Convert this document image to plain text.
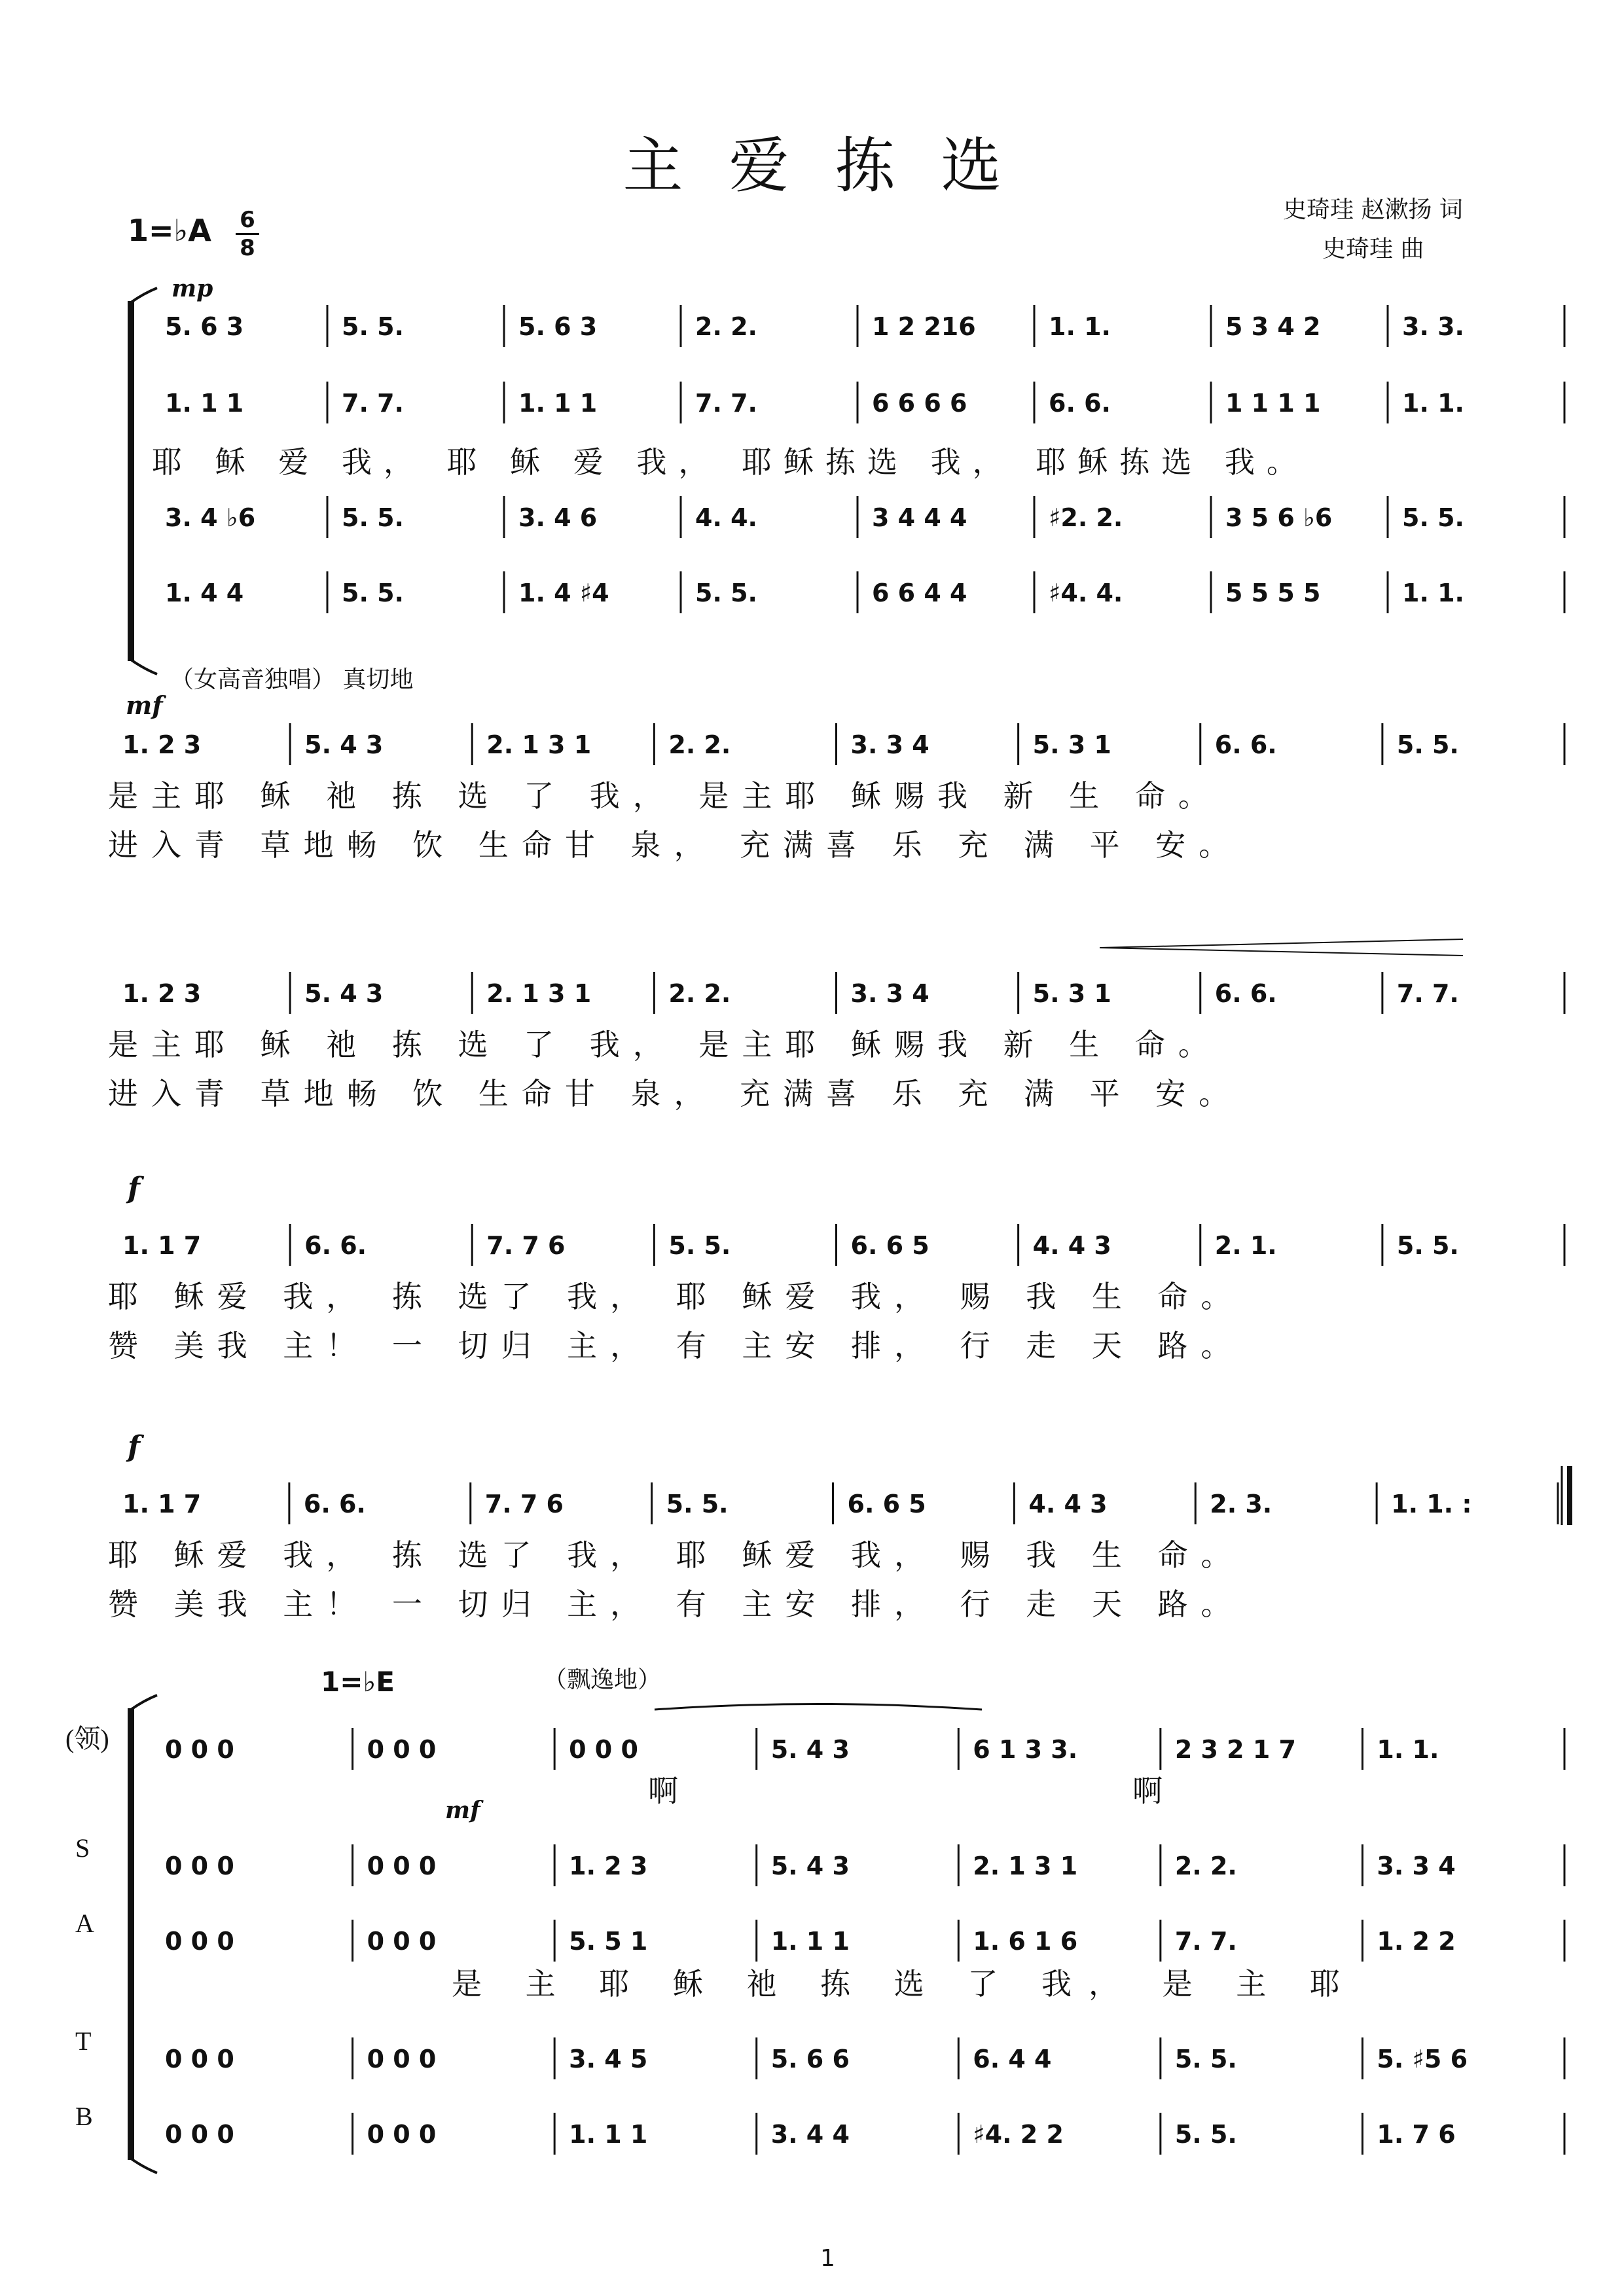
主爱拣选
史琦珪 赵漱扬 词
史琦珪 曲
1=♭A 6
8
mp
5. 6 3	5. 5.	5. 6 3	2. 2.	1 2 216	1. 1.	5 3 4 2	3. 3.
1. 1 1	7. 7.	1. 1 1	7. 7.	6 6 6 6	6. 6.	1 1 1 1	1. 1.
3. 4 ♭6	5. 5.	3. 4 6	4. 4.	3 4 4 4	♯2. 2.	3 5 6 ♭6	5. 5.
1. 4 4	5. 5.	1. 4 ♯4	5. 5.	6 6 4 4	♯4. 4.	5 5 5 5	1. 1.
1. 2 3	5. 4 3	2. 1 3 1	2. 2.	3. 3 4	5. 3 1	6. 6.	5. 5.
1. 2 3	5. 4 3	2. 1 3 1	2. 2.	3. 3 4	5. 3 1	6. 6.	7. 7.
1. 1 7	6. 6.	7. 7 6	5. 5.	6. 6 5	4. 4 3	2. 1.	5. 5.
1. 1 7	6. 6.	7. 7 6	5. 5.	6. 6 5	4. 4 3	2. 3.	1. 1. :
0 0 0	0 0 0	0 0 0	5. 4 3	6 1 3 3.	2 3 2 1 7	1. 1.
0 0 0	0 0 0	1. 2 3	5. 4 3	2. 1 3 1	2. 2.	3. 3 4
0 0 0	0 0 0	5. 5 1	1. 1 1	1. 6 1 6	7. 7.	1. 2 2
0 0 0	0 0 0	3. 4 5	5. 6 6	6. 4 4	5. 5.	5. ♯5 6
0 0 0	0 0 0	1. 1 1	3. 4 4	♯4. 2 2	5. 5.	1. 7 6
耶 稣 爱 我， 耶 稣 爱 我， 耶稣拣选 我， 耶稣拣选 我。
（女高音独唱） 真切地
mf
是主耶 稣 祂 拣 选 了 我， 是主耶 稣赐我 新 生 命。
进入青 草地畅 饮 生命甘 泉， 充满喜 乐 充 满 平 安。
是主耶 稣 祂 拣 选 了 我， 是主耶 稣赐我 新 生 命。
进入青 草地畅 饮 生命甘 泉， 充满喜 乐 充 满 平 安。
f
耶 稣爱 我， 拣 选了 我， 耶 稣爱 我， 赐 我 生 命。
赞 美我 主！ 一 切归 主， 有 主安 排， 行 走 天 路。
f
耶 稣爱 我， 拣 选了 我， 耶 稣爱 我， 赐 我 生 命。
赞 美我 主！ 一 切归 主， 有 主安 排， 行 走 天 路。
1=♭E	（飘逸地）
(领)
S
A
T
B
啊	啊
mf
是 主 耶 稣 祂 拣 选 了 我， 是 主 耶
1
